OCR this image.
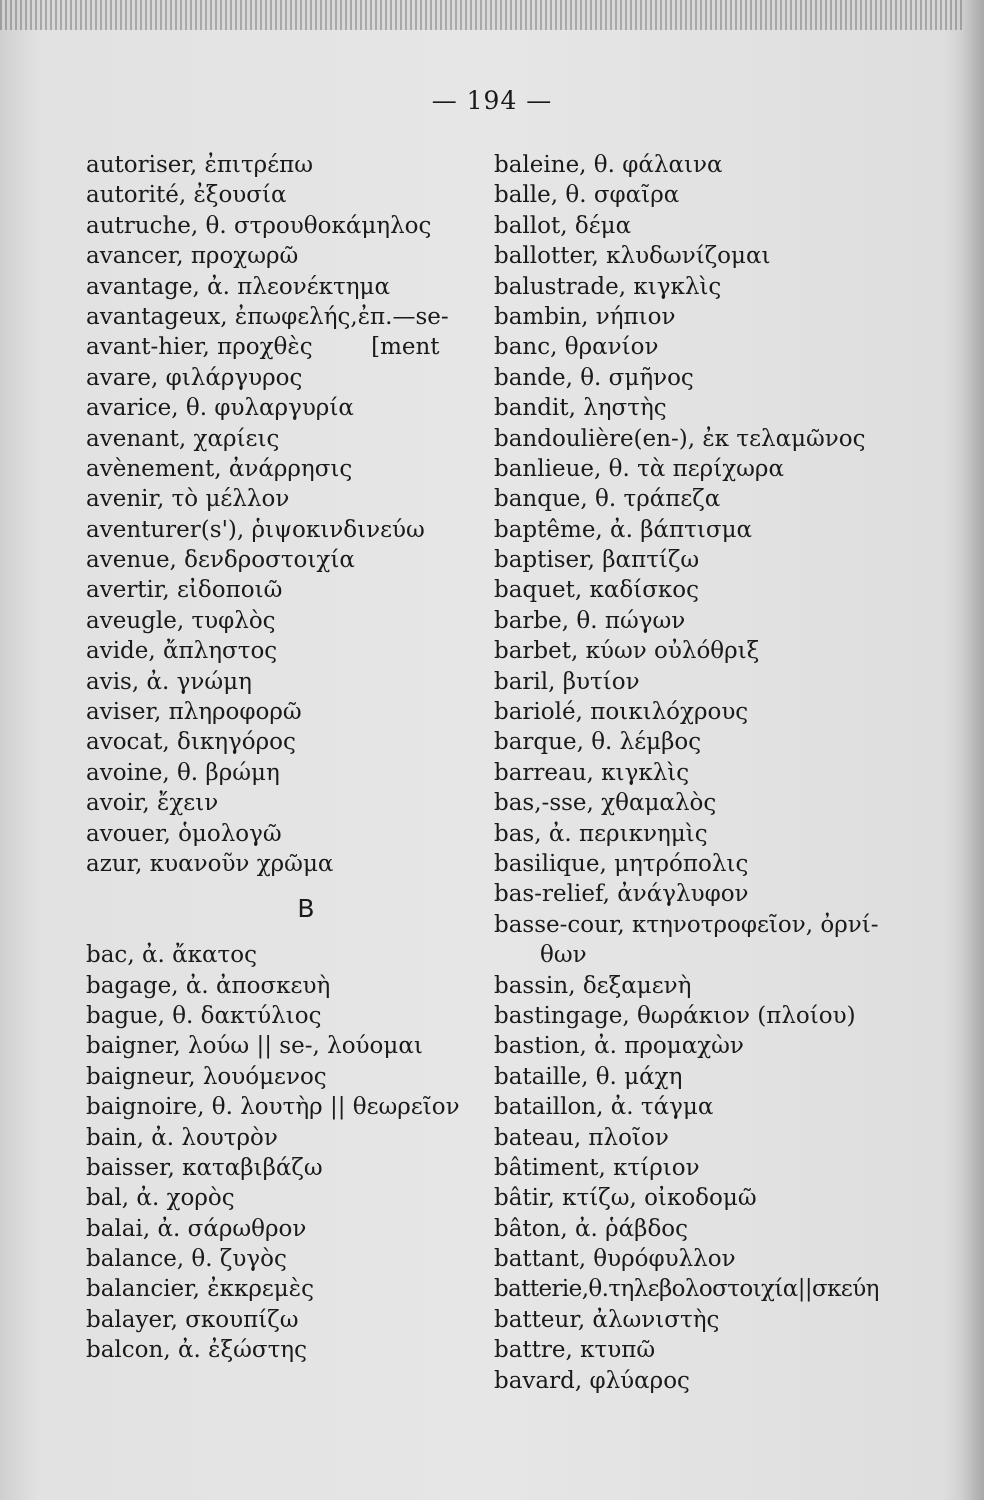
— 194 —
autoriser, ἐπιτρέπω
autorité, ἐξουσία
autruche, θ. στρουθοκάμηλος
avancer, προχωρῶ
avantage, ἀ. πλεονέκτημα
avantageux, ἐπωφελής,ἐπ.—se-
avant-hier, προχθὲς        [ment
avare, φιλάργυρος
avarice, θ. φυλαργυρία
avenant, χαρίεις
avènement, ἀνάρρησις
avenir, τὸ μέλλον
aventurer(s'), ῥιψοκινδινεύω
avenue, δενδροστοιχία
avertir, εἰδοποιῶ
aveugle, τυφλὸς
avide, ἄπληστος
avis, ἀ. γνώμη
aviser, πληροφορῶ
avocat, δικηγόρος
avoine, θ. βρώμη
avoir, ἔχειν
avouer, ὁμολογῶ
azur, κυανοῦν χρῶμα
B
bac, ἀ. ἄκατος
bagage, ἀ. ἀποσκευὴ
bague, θ. δακτύλιος
baigner, λούω || se-, λούομαι
baigneur, λουόμενος
baignoire, θ. λουτὴρ || θεωρεῖον
bain, ἀ. λουτρὸν
baisser, καταβιβάζω
bal, ἀ. χορὸς
balai, ἀ. σάρωθρον
balance, θ. ζυγὸς
balancier, ἐκκρεμὲς
balayer, σκουπίζω
balcon, ἀ. ἐξώστης
baleine, θ. φάλαινα
balle, θ. σφαῖρα
ballot, δέμα
ballotter, κλυδωνίζομαι
balustrade, κιγκλὶς
bambin, νήπιον
banc, θρανίον
bande, θ. σμῆνος
bandit, ληστὴς
bandoulière(en-), ἐκ τελαμῶνος
banlieue, θ. τὰ περίχωρα
banque, θ. τράπεζα
baptême, ἀ. βάπτισμα
baptiser, βαπτίζω
baquet, καδίσκος
barbe, θ. πώγων
barbet, κύων οὐλόθριξ
baril, βυτίον
bariolé, ποικιλόχρους
barque, θ. λέμβος
barreau, κιγκλὶς
bas,-sse, χθαμαλὸς
bas, ἀ. περικνημὶς
basilique, μητρόπολις
bas-relief, ἀνάγλυφον
basse-cour, κτηνοτροφεῖον, ὀρνί-
θων
bassin, δεξαμενὴ
bastingage, θωράκιον (πλοίου)
bastion, ἀ. προμαχὼν
bataille, θ. μάχη
bataillon, ἀ. τάγμα
bateau, πλοῖον
bâtiment, κτίριον
bâtir, κτίζω, οἰκοδομῶ
bâton, ἀ. ῥάβδος
battant, θυρόφυλλον
batterie,θ.τηλεβολοστοιχία||σκεύη
batteur, ἀλωνιστὴς
battre, κτυπῶ
bavard, φλύαρος
